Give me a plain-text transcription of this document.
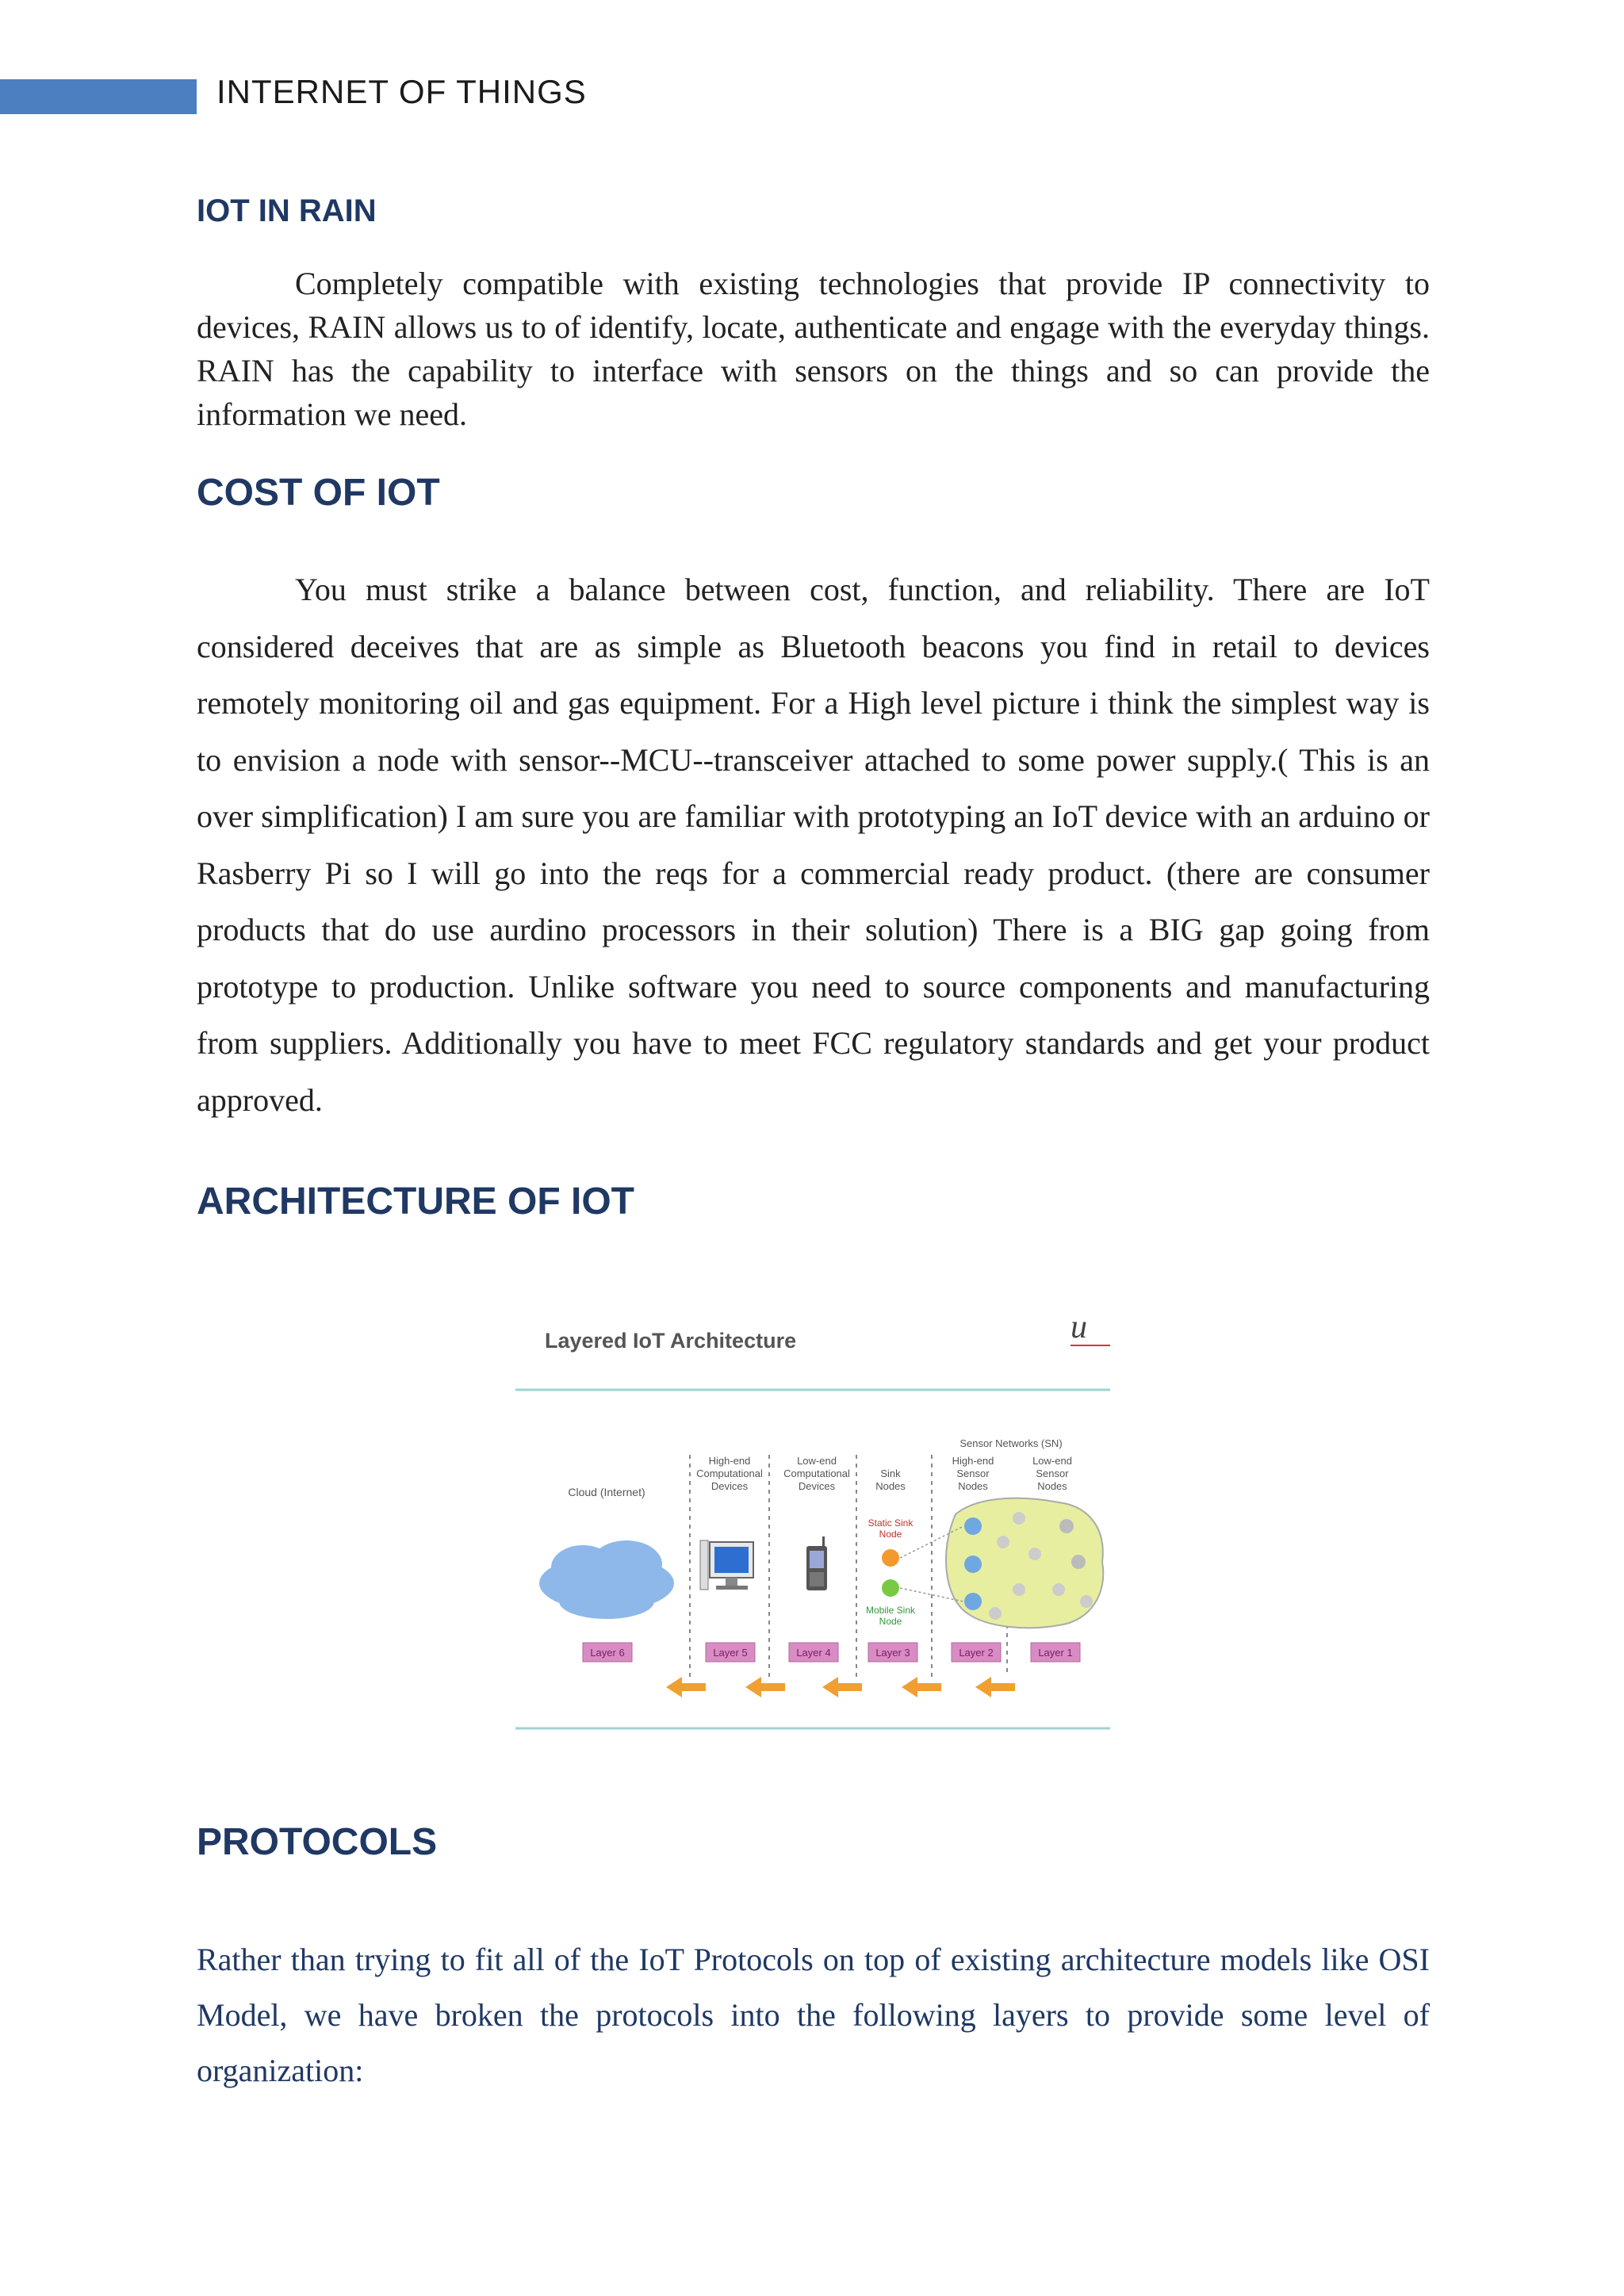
INTERNET OF THINGS
IOT IN RAIN

Completely compatible with existing technologies that provide IP connectivity to devices, RAIN allows us to of identify, locate, authenticate and engage with the everyday things. RAIN has the capability to interface with sensors on the things and so can provide the information we need.

COST OF IOT

You must strike a balance between cost, function, and reliability. There are IoT considered deceives that are as simple as Bluetooth beacons you find in retail to devices remotely monitoring oil and gas equipment. For a High level picture i think the simplest way is to envision a node with sensor--MCU--transceiver attached to some power supply.( This is an over simplification) I am sure you are familiar with prototyping an IoT device with an arduino or Rasberry Pi so I will go into the reqs for a commercial ready product. (there are consumer products that do use aurdino processors in their solution) There is a BIG gap going from prototype to production. Unlike software you need to source components and manufacturing from suppliers. Additionally you have to meet FCC regulatory standards and get your product approved.

ARCHITECTURE OF IOT
PROTOCOLS

Rather than trying to fit all of the IoT Protocols on top of existing architecture models like OSI Model, we have broken the protocols into the following layers to provide some level of organization:

Layered IoT Architecture	u
Cloud (Internet)
High-end
Computational
Devices
Low-end
Computational
Devices
Sink
Nodes
Sensor Networks (SN)
High-end
Sensor
Nodes
Low-end
Sensor
Nodes
Static Sink
Node
Mobile Sink
Node
Layer 6	Layer 5	Layer 4	Layer 3	Layer 2	Layer 1
